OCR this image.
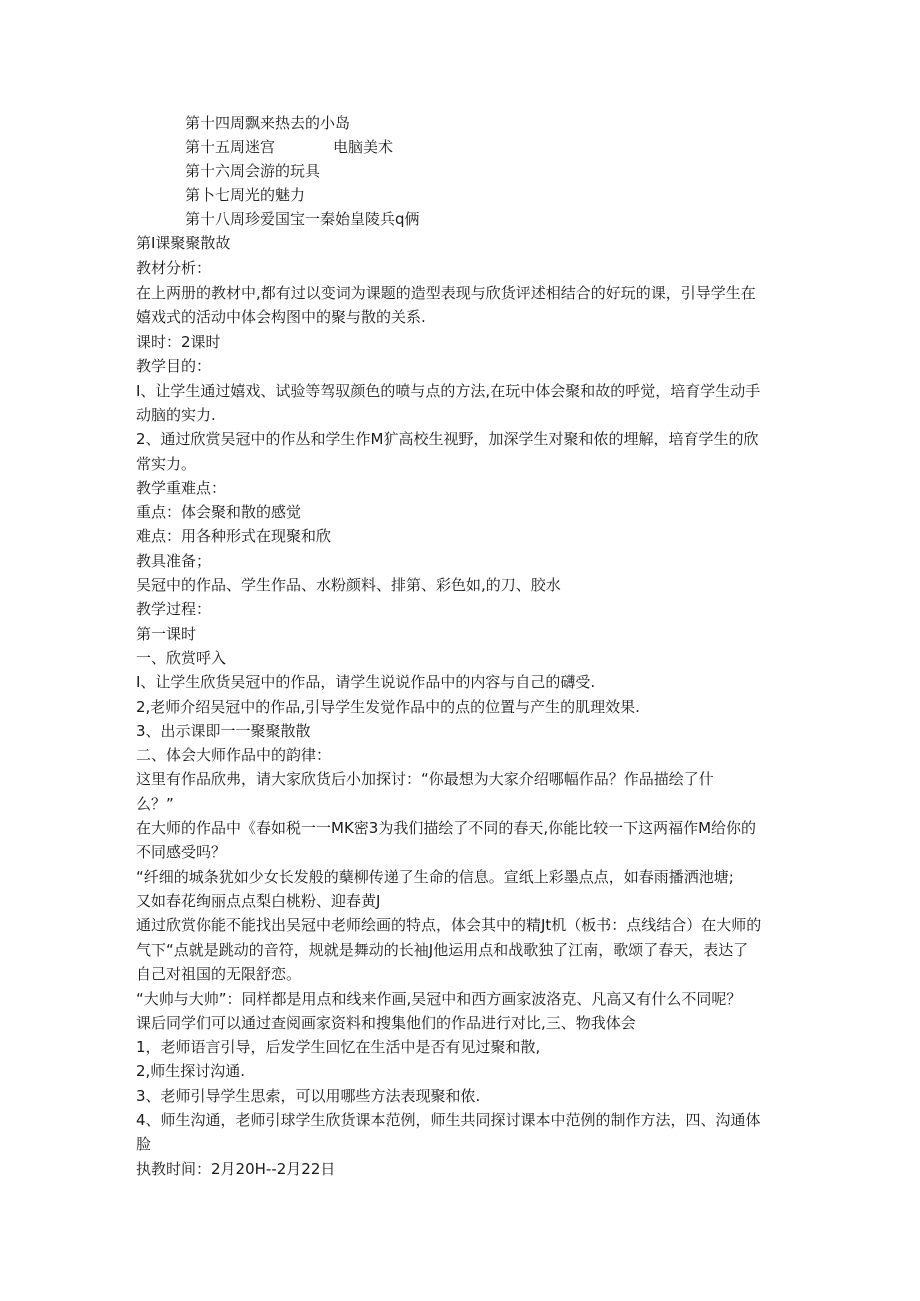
第十四周飘来热去的小岛
第十五周迷宫	电脑美术
第十六周会游的玩具
第卜七周光的魅力
第十八周珍爱国宝一秦始皇陵兵q俩
第I课聚聚散故
教材分析：
在上两册的教材中,都有过以变词为课题的造型表现与欣货评述相结合的好玩的课，引导学生在
嬉戏式的活动中体会构图中的聚与散的关系.
课时：2课时
教学目的：
I、让学生通过嬉戏、试验等驾驭颜色的喷与点的方法,在玩中体会聚和故的呼觉，培育学生动手
动脑的实力.
2、通过欣赏吴冠中的作丛和学生作M犷高校生视野，加深学生对聚和侬的埋解，培育学生的欣
常实力。
教学重难点：
重点：体会聚和散的感觉
难点：用各种形式在现聚和欣
教具准备；
吴冠中的作品、学生作品、水粉颜料、排第、彩色如,的刀、胶水
教学过程：
第一课时
一、欣赏呼入
I、让学生欣货吴冠中的作品，请学生说说作品中的内容与自己的礴受.
2,老师介绍吴冠中的作品,引导学生发觉作品中的点的位置与产生的肌理效果.
3、出示课即一一聚聚散散
二、体会大师作品中的韵律：
这里有作品欣弗，请大家欣货后小加探讨：“你最想为大家介绍哪幅作品？作品描绘了什
么？”
在大师的作品中《春如税一一MK密3为我们描绘了不同的春天,你能比较一下这两福作M给你的
不同感受吗？
“纤细的城条犹如少女长发般的蘖柳传递了生命的信息。宣纸上彩墨点点，如春雨播洒池塘;
又如春花绚丽点点梨白桃粉、迎春黄J
通过欣赏你能不能找出吴冠中老师绘画的特点，体会其中的精Jt机（板书：点线结合）在大师的
气下“点就是跳动的音符，规就是舞动的长袖J他运用点和战歌独了江南，歌颂了春天，表达了
自己对祖国的无限舒恋。
“大帅与大帅”：同样都是用点和线来作画,吴冠中和西方画家波洛克、凡高又有什么不同呢？
课后同学们可以通过查阅画家资料和搜集他们的作品进行对比,三、物我体会
1，老师语言引导，后发学生回忆在生活中是否有见过聚和散,
2,师生探讨沟通.
3、老师引导学生思索，可以用哪些方法表现聚和侬.
4、师生沟通，老师引球学生欣货课本范例，师生共同探讨课本中范例的制作方法，四、沟通体
脸
执教时间：2月20H--2月22日
